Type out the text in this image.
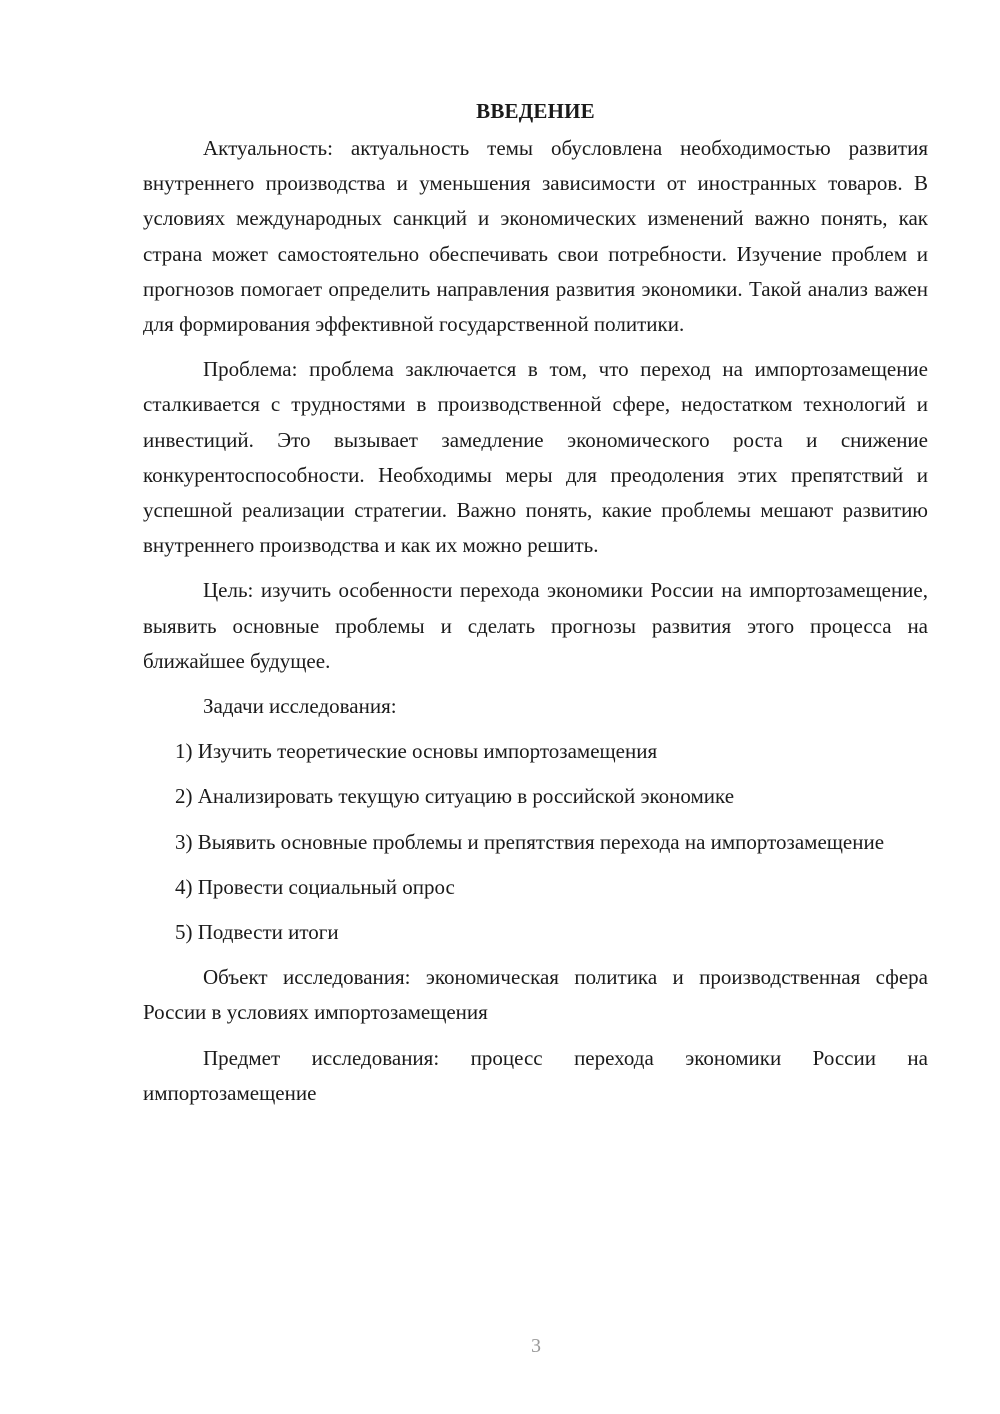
ВВЕДЕНИЕ

Актуальность: актуальность темы обусловлена необходимостью развития внутреннего производства и уменьшения зависимости от иностранных товаров. В условиях международных санкций и экономических изменений важно понять, как страна может самостоятельно обеспечивать свои потребности. Изучение проблем и прогнозов помогает определить направления развития экономики. Такой анализ важен для формирования эффективной государственной политики.

Проблема: проблема заключается в том, что переход на импортозамещение сталкивается с трудностями в производственной сфере, недостатком технологий и инвестиций. Это вызывает замедление экономического роста и снижение конкурентоспособности. Необходимы меры для преодоления этих препятствий и успешной реализации стратегии. Важно понять, какие проблемы мешают развитию внутреннего производства и как их можно решить.

Цель: изучить особенности перехода экономики России на импортозамещение, выявить основные проблемы и сделать прогнозы развития этого процесса на ближайшее будущее.

Задачи исследования:

1) Изучить теоретические основы импортозамещения

2) Анализировать текущую ситуацию в российской экономике

3) Выявить основные проблемы и препятствия перехода на импортозамещение

4) Провести социальный опрос

5) Подвести итоги

Объект исследования: экономическая политика и производственная сфера России в условиях импортозамещения

Предмет исследования: процесс перехода экономики России на импортозамещение

3
